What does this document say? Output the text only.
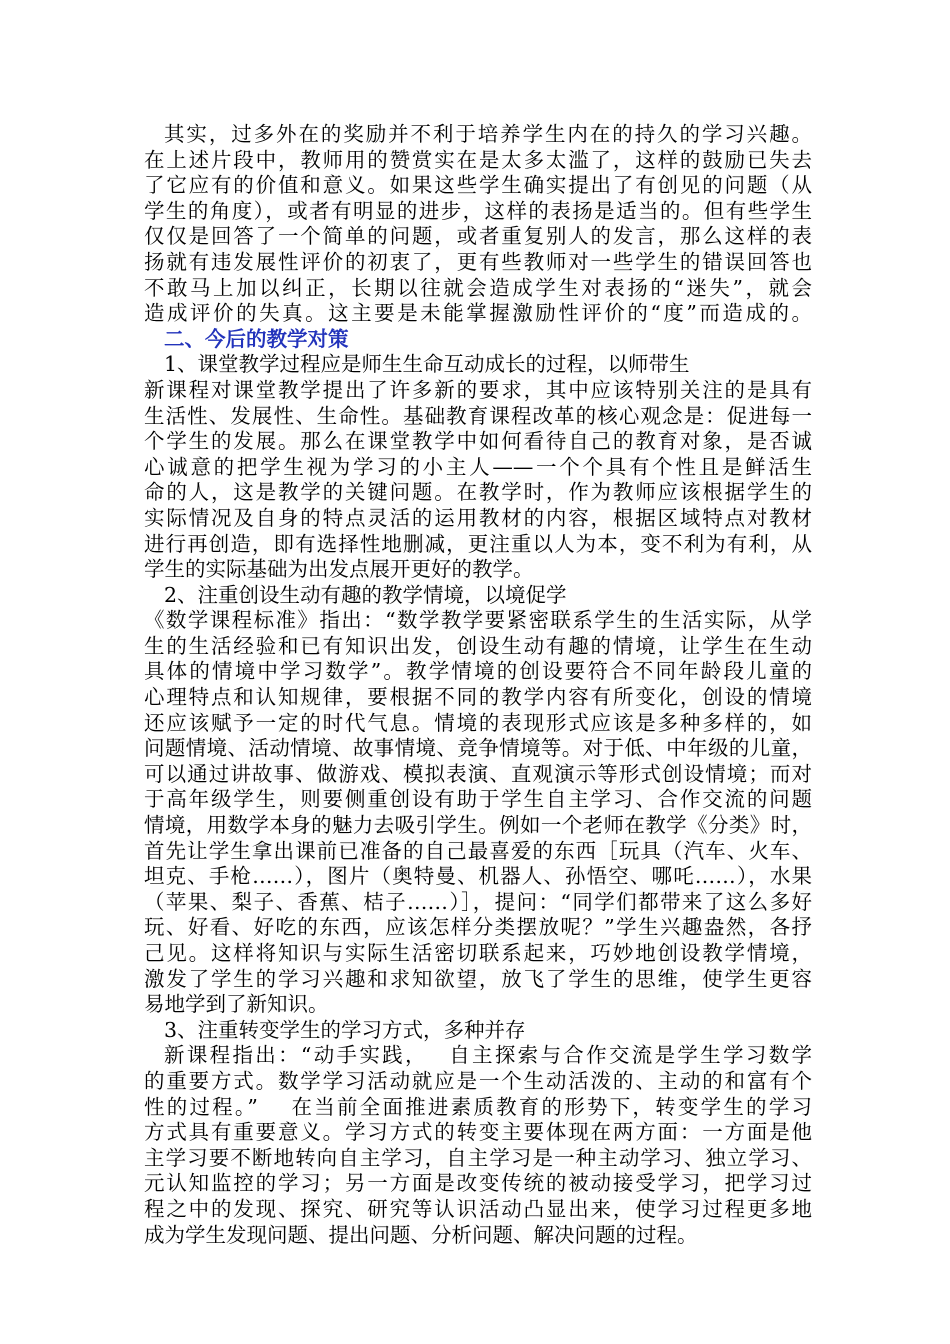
其实，过多外在的奖励并不利于培养学生内在的持久的学习兴趣。
在上述片段中，教师用的赞赏实在是太多太滥了，这样的鼓励已失去
了它应有的价值和意义。如果这些学生确实提出了有创见的问题（从
学生的角度），或者有明显的进步，这样的表扬是适当的。但有些学生
仅仅是回答了一个简单的问题，或者重复别人的发言，那么这样的表
扬就有违发展性评价的初衷了，更有些教师对一些学生的错误回答也
不敢马上加以纠正，长期以往就会造成学生对表扬的“迷失”，就会
造成评价的失真。这主要是未能掌握激励性评价的“度”而造成的。
二、今后的教学对策
1、课堂教学过程应是师生生命互动成长的过程，以师带生
新课程对课堂教学提出了许多新的要求，其中应该特别关注的是具有
生活性、发展性、生命性。基础教育课程改革的核心观念是：促进每一
个学生的发展。那么在课堂教学中如何看待自己的教育对象，是否诚
心诚意的把学生视为学习的小主人——一个个具有个性且是鲜活生
命的人，这是教学的关键问题。在教学时，作为教师应该根据学生的
实际情况及自身的特点灵活的运用教材的内容，根据区域特点对教材
进行再创造，即有选择性地删减，更注重以人为本，变不利为有利，从
学生的实际基础为出发点展开更好的教学。
2、注重创设生动有趣的教学情境，以境促学
《数学课程标准》指出：“数学教学要紧密联系学生的生活实际，从学
生的生活经验和已有知识出发，创设生动有趣的情境，让学生在生动
具体的情境中学习数学”。教学情境的创设要符合不同年龄段儿童的
心理特点和认知规律，要根据不同的教学内容有所变化，创设的情境
还应该赋予一定的时代气息。情境的表现形式应该是多种多样的，如
问题情境、活动情境、故事情境、竞争情境等。对于低、中年级的儿童，
可以通过讲故事、做游戏、模拟表演、直观演示等形式创设情境；而对
于高年级学生，则要侧重创设有助于学生自主学习、合作交流的问题
情境，用数学本身的魅力去吸引学生。例如一个老师在教学《分类》时，
首先让学生拿出课前已准备的自己最喜爱的东西［玩具（汽车、火车、
坦克、手枪……），图片（奥特曼、机器人、孙悟空、哪吒……），水果
（苹果、梨子、香蕉、桔子……）］，提问：“同学们都带来了这么多好
玩、好看、好吃的东西，应该怎样分类摆放呢？”学生兴趣盎然，各抒
己见。这样将知识与实际生活密切联系起来，巧妙地创设教学情境，
激发了学生的学习兴趣和求知欲望，放飞了学生的思维，使学生更容
易地学到了新知识。
3、注重转变学生的学习方式，多种并存
新课程指出：“动手实践，　 自主探索与合作交流是学生学习数学
的重要方式。数学学习活动就应是一个生动活泼的、主动的和富有个
性的过程。”　 在当前全面推进素质教育的形势下，转变学生的学习
方式具有重要意义。学习方式的转变主要体现在两方面：一方面是他
主学习要不断地转向自主学习，自主学习是一种主动学习、独立学习、
元认知监控的学习；另一方面是改变传统的被动接受学习，把学习过
程之中的发现、探究、研究等认识活动凸显出来，使学习过程更多地
成为学生发现问题、提出问题、分析问题、解决问题的过程。
